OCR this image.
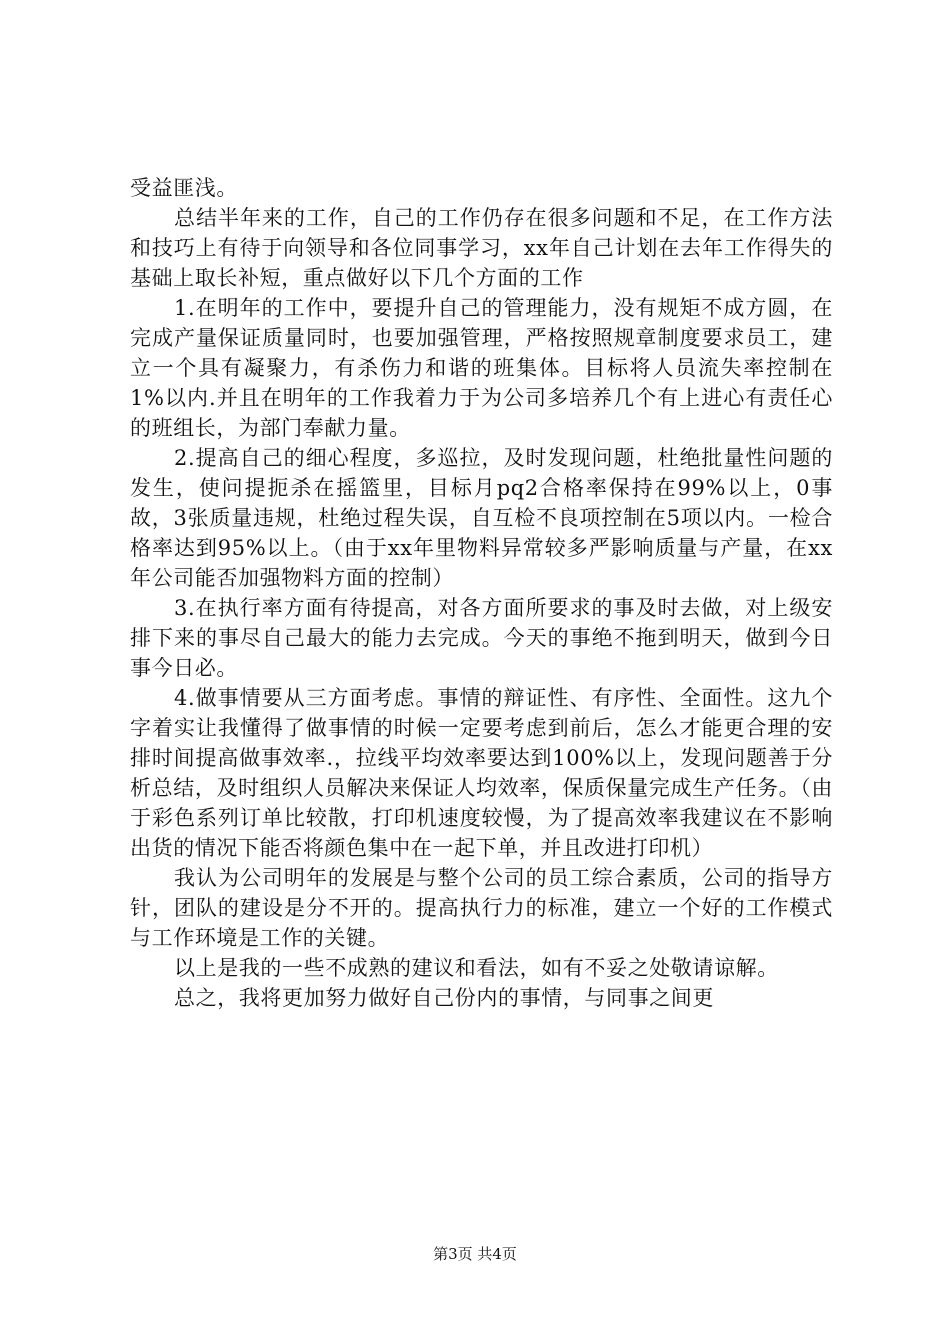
受益匪浅。

总结半年来的工作，自己的工作仍存在很多问题和不足，在工作方法和技巧上有待于向领导和各位同事学习，xx年自己计划在去年工作得失的基础上取长补短，重点做好以下几个方面的工作

1.在明年的工作中，要提升自己的管理能力，没有规矩不成方圆，在完成产量保证质量同时，也要加强管理，严格按照规章制度要求员工，建立一个具有凝聚力，有杀伤力和谐的班集体。目标将人员流失率控制在1%以内.并且在明年的工作我着力于为公司多培养几个有上进心有责任心的班组长，为部门奉献力量。

2.提高自己的细心程度，多巡拉，及时发现问题，杜绝批量性问题的发生，使问提扼杀在摇篮里，目标月pq2合格率保持在99%以上，0事故，3张质量违规，杜绝过程失误，自互检不良项控制在5项以内。一检合格率达到95%以上。（由于xx年里物料异常较多严影响质量与产量，在xx年公司能否加强物料方面的控制）

3.在执行率方面有待提高，对各方面所要求的事及时去做，对上级安排下来的事尽自己最大的能力去完成。今天的事绝不拖到明天，做到今日事今日必。

4.做事情要从三方面考虑。事情的辩证性、有序性、全面性。这九个字着实让我懂得了做事情的时候一定要考虑到前后，怎么才能更合理的安排时间提高做事效率.，拉线平均效率要达到100%以上，发现问题善于分析总结，及时组织人员解决来保证人均效率，保质保量完成生产任务。（由于彩色系列订单比较散，打印机速度较慢，为了提高效率我建议在不影响出货的情况下能否将颜色集中在一起下单，并且改进打印机）

我认为公司明年的发展是与整个公司的员工综合素质，公司的指导方针，团队的建设是分不开的。提高执行力的标准，建立一个好的工作模式与工作环境是工作的关键。

以上是我的一些不成熟的建议和看法，如有不妥之处敬请谅解。

总之，我将更加努力做好自己份内的事情，与同事之间更

第3页 共4页
